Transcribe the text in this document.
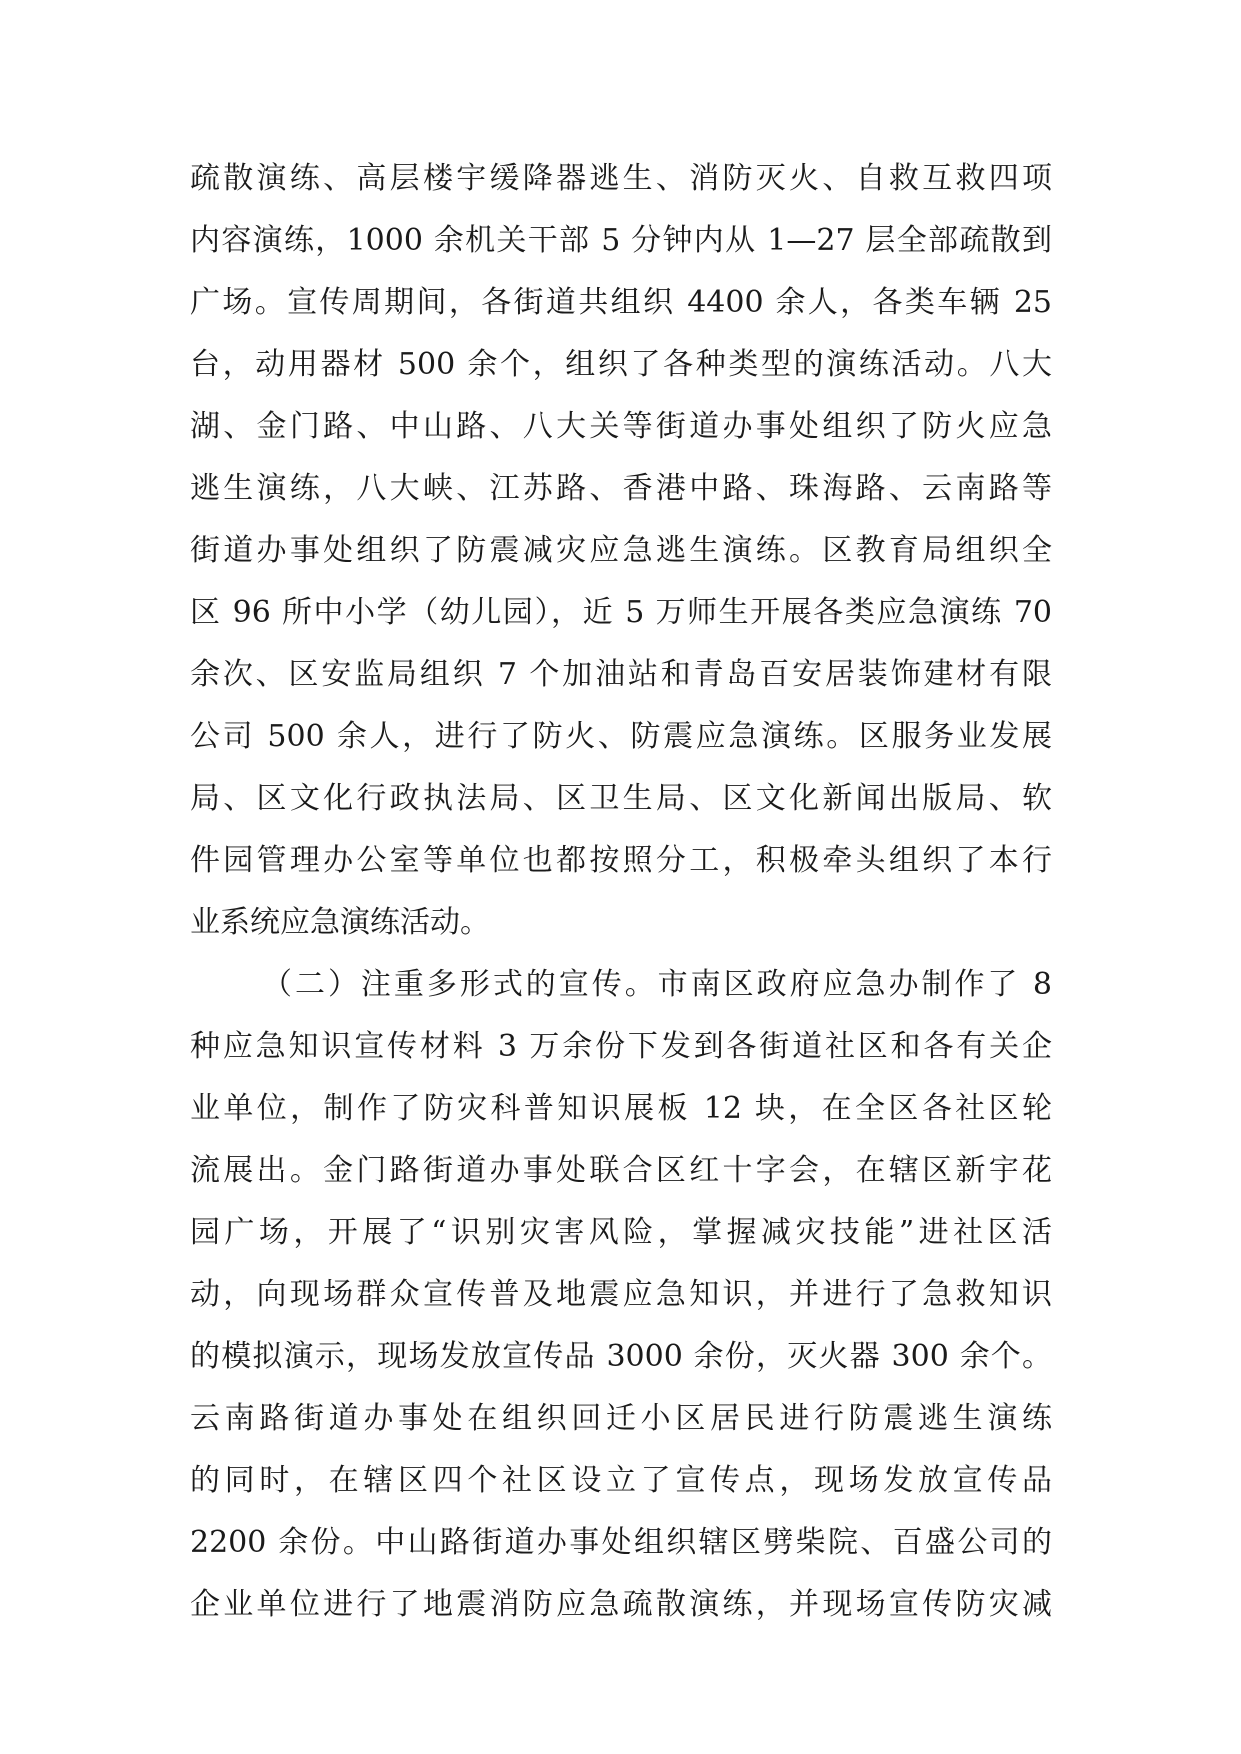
疏散演练、高层楼宇缓降器逃生、消防灭火、自救互救四项
内容演练，1000 余机关干部 5 分钟内从 1—27 层全部疏散到
广场。宣传周期间，各街道共组织 4400 余人，各类车辆 25
台，动用器材 500 余个，组织了各种类型的演练活动。八大
湖、金门路、中山路、八大关等街道办事处组织了防火应急
逃生演练，八大峡、江苏路、香港中路、珠海路、云南路等
街道办事处组织了防震减灾应急逃生演练。区教育局组织全
区 96 所中小学（幼儿园），近 5 万师生开展各类应急演练 70
余次、区安监局组织 7 个加油站和青岛百安居装饰建材有限
公司 500 余人，进行了防火、防震应急演练。区服务业发展
局、区文化行政执法局、区卫生局、区文化新闻出版局、软
件园管理办公室等单位也都按照分工，积极牵头组织了本行
业系统应急演练活动。
（二）注重多形式的宣传。市南区政府应急办制作了 8
种应急知识宣传材料 3 万余份下发到各街道社区和各有关企
业单位，制作了防灾科普知识展板 12 块，在全区各社区轮
流展出。金门路街道办事处联合区红十字会，在辖区新宇花
园广场，开展了“识别灾害风险，掌握减灾技能”进社区活
动，向现场群众宣传普及地震应急知识，并进行了急救知识
的模拟演示，现场发放宣传品 3000 余份，灭火器 300 余个。
云南路街道办事处在组织回迁小区居民进行防震逃生演练
的同时，在辖区四个社区设立了宣传点，现场发放宣传品
2200 余份。中山路街道办事处组织辖区劈柴院、百盛公司的
企业单位进行了地震消防应急疏散演练，并现场宣传防灾减
